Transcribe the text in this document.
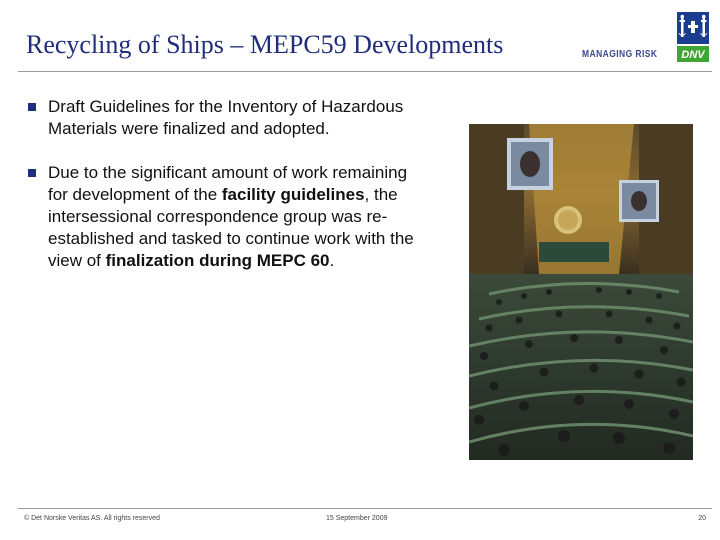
Recycling of Ships – MEPC59 Developments	MANAGING RISK DNV
Draft Guidelines for the Inventory of Hazardous Materials were finalized and adopted.
Due to the significant amount of work remaining for development of the facility guidelines, the intersessional correspondence group was re-established and tasked to continue work with the view of finalization during MEPC 60.
© Det Norske Veritas AS. All rights reserved	15 September 2009	20
